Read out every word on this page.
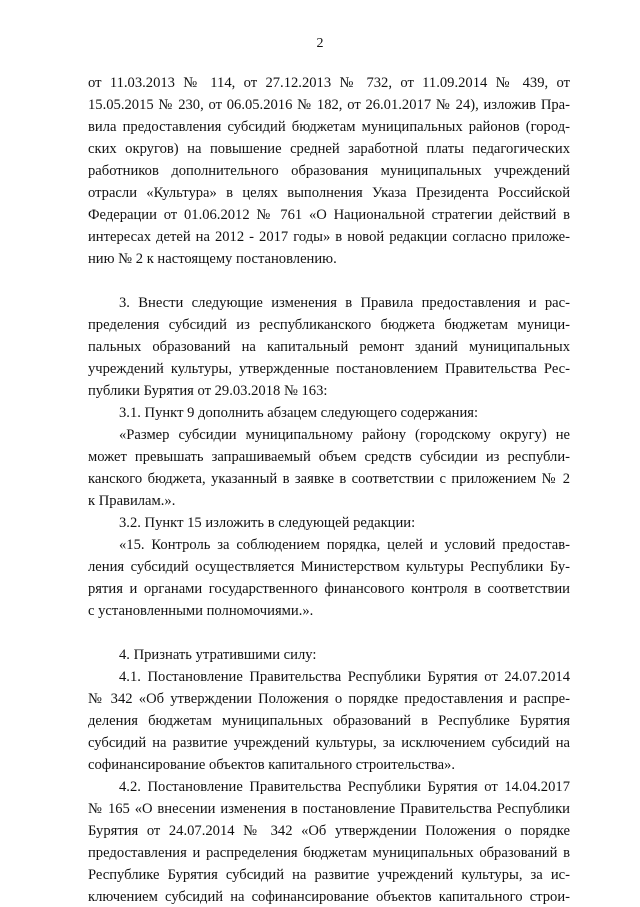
2
от 11.03.2013 № 114, от 27.12.2013 № 732, от 11.09.2014 № 439, от
15.05.2015 № 230, от 06.05.2016 № 182, от 26.01.2017 № 24), изложив Пра-
вила предоставления субсидий бюджетам муниципальных районов (город-
ских округов) на повышение средней заработной платы педагогических
работников дополнительного образования муниципальных учреждений
отрасли «Культура» в целях выполнения Указа Президента Российской
Федерации от 01.06.2012 № 761 «О Национальной стратегии действий в
интересах детей на 2012 - 2017 годы» в новой редакции согласно приложе-
нию № 2 к настоящему постановлению.
3. Внести следующие изменения в Правила предоставления и рас-
пределения субсидий из республиканского бюджета бюджетам муници-
пальных образований на капитальный ремонт зданий муниципальных
учреждений культуры, утвержденные постановлением Правительства Рес-
публики Бурятия от 29.03.2018 № 163:
3.1. Пункт 9 дополнить абзацем следующего содержания:
«Размер субсидии муниципальному району (городскому округу) не
может превышать запрашиваемый объем средств субсидии из республи-
канского бюджета, указанный в заявке в соответствии с приложением № 2
к Правилам.».
3.2. Пункт 15 изложить в следующей редакции:
«15. Контроль за соблюдением порядка, целей и условий предостав-
ления субсидий осуществляется Министерством культуры Республики Бу-
рятия и органами государственного финансового контроля в соответствии
с установленными полномочиями.».
4. Признать утратившими силу:
4.1. Постановление Правительства Республики Бурятия от 24.07.2014
№ 342 «Об утверждении Положения о порядке предоставления и распре-
деления бюджетам муниципальных образований в Республике Бурятия
субсидий на развитие учреждений культуры, за исключением субсидий на
софинансирование объектов капитального строительства».
4.2. Постановление Правительства Республики Бурятия от 14.04.2017
№ 165 «О внесении изменения в постановление Правительства Республики
Бурятия от 24.07.2014 № 342 «Об утверждении Положения о порядке
предоставления и распределения бюджетам муниципальных образований в
Республике Бурятия субсидий на развитие учреждений культуры, за ис-
ключением субсидий на софинансирование объектов капитального строи-
